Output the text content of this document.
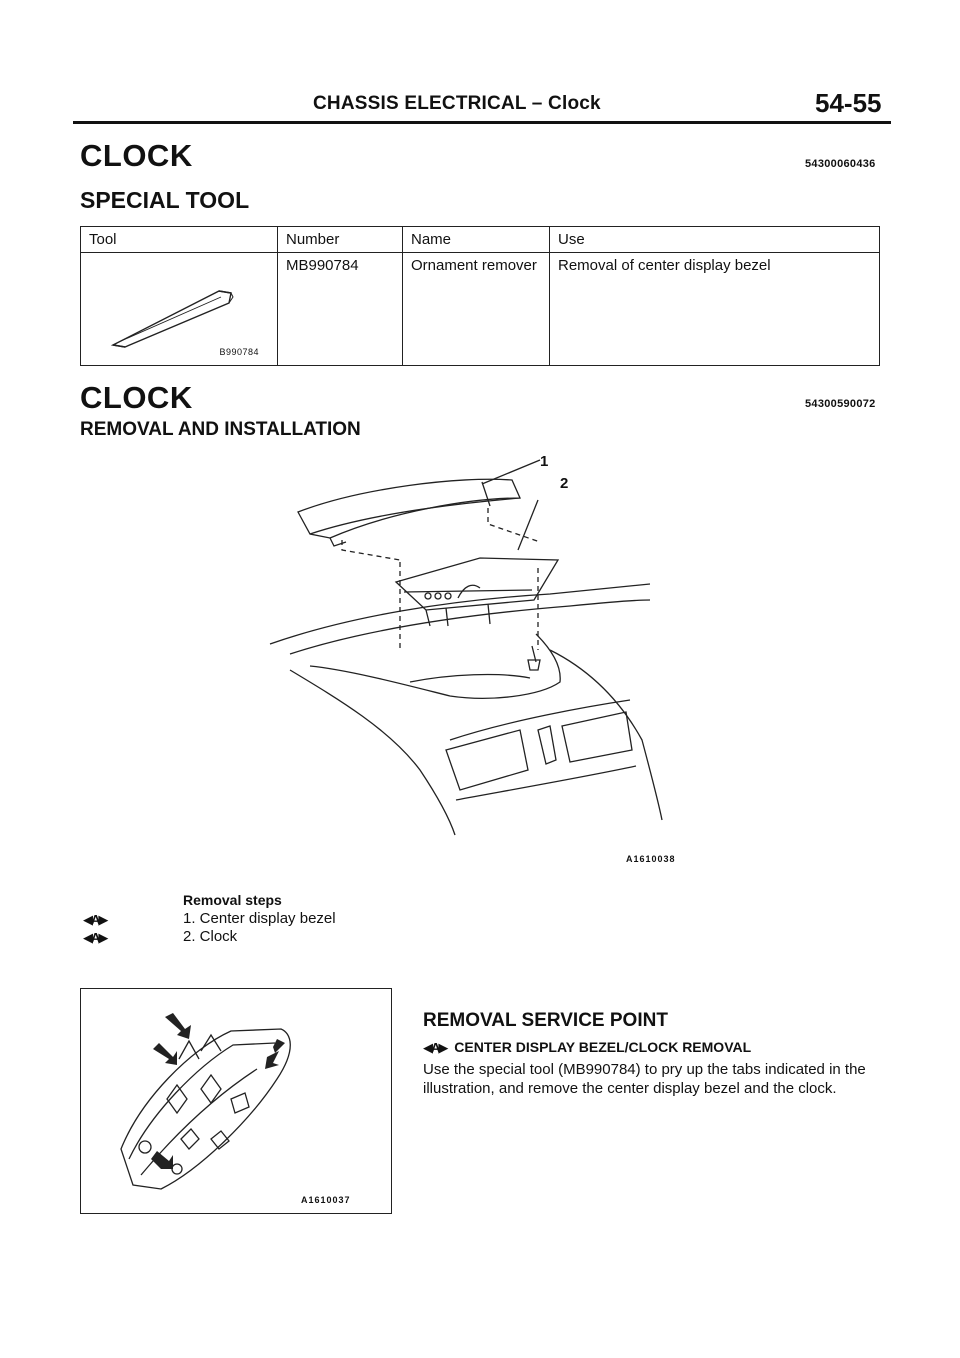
CHASSIS ELECTRICAL – Clock	54-55
CLOCK	54300060436
SPECIAL TOOL
Tool	Number	Name	Use

B990784	MB990784	Ornament remover	Removal of center display bezel
CLOCK	54300590072
REMOVAL AND INSTALLATION
1
2
A1610038
Removal steps
◀A▶	1. Center display bezel
◀A▶	2. Clock
A1610037
REMOVAL SERVICE POINT
◀A▶ CENTER DISPLAY BEZEL/CLOCK REMOVAL
Use the special tool (MB990784) to pry up the tabs indicated in the illustration, and remove the center display bezel and the clock.
